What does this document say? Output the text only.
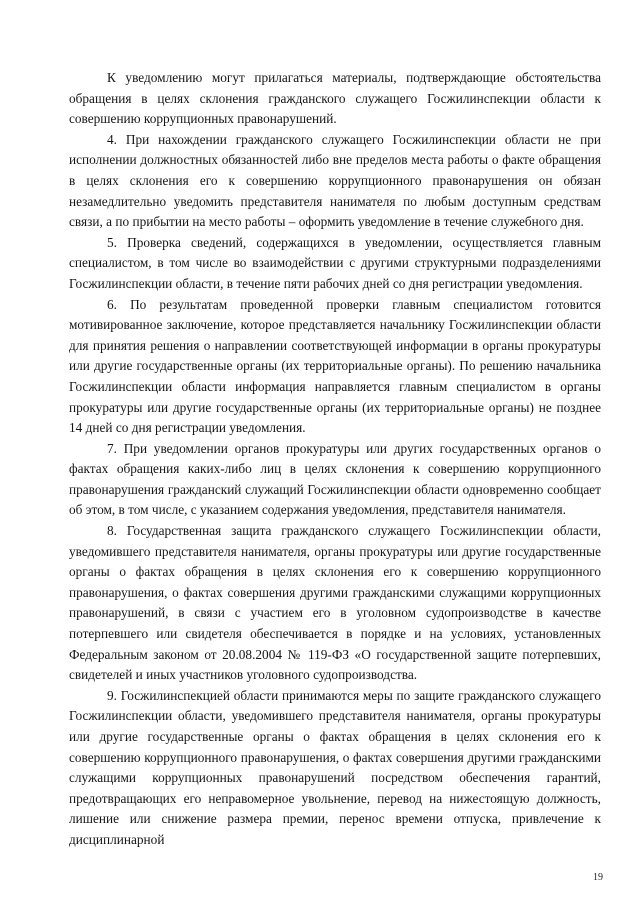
К уведомлению могут прилагаться материалы, подтверждающие обстоятельства обращения в целях склонения гражданского служащего Госжилинспекции области к совершению коррупционных правонарушений.

4. При нахождении гражданского служащего Госжилинспекции области не при исполнении должностных обязанностей либо вне пределов места работы о факте обращения в целях склонения его к совершению коррупционного правонарушения он обязан незамедлительно уведомить представителя нанимателя по любым доступным средствам связи, а по прибытии на место работы – оформить уведомление в течение служебного дня.

5. Проверка сведений, содержащихся в уведомлении, осуществляется главным специалистом, в том числе во взаимодействии с другими структурными подразделениями Госжилинспекции области, в течение пяти рабочих дней со дня регистрации уведомления.

6. По результатам проведенной проверки главным специалистом готовится мотивированное заключение, которое представляется начальнику Госжилинспекции области для принятия решения о направлении соответствующей информации в органы прокуратуры или другие государственные органы (их территориальные органы). По решению начальника Госжилинспекции области информация направляется главным специалистом в органы прокуратуры или другие государственные органы (их территориальные органы) не позднее 14 дней со дня регистрации уведомления.

7. При уведомлении органов прокуратуры или других государственных органов о фактах обращения каких-либо лиц в целях склонения к совершению коррупционного правонарушения гражданский служащий Госжилинспекции области одновременно сообщает об этом, в том числе, с указанием содержания уведомления, представителя нанимателя.

8. Государственная защита гражданского служащего Госжилинспекции области, уведомившего представителя нанимателя, органы прокуратуры или другие государственные органы о фактах обращения в целях склонения его к совершению коррупционного правонарушения, о фактах совершения другими гражданскими служащими коррупционных правонарушений, в связи с участием его в уголовном судопроизводстве в качестве потерпевшего или свидетеля обеспечивается в порядке и на условиях, установленных Федеральным законом от 20.08.2004 № 119-ФЗ «О государственной защите потерпевших, свидетелей и иных участников уголовного судопроизводства.

9. Госжилинспекцией области принимаются меры по защите гражданского служащего Госжилинспекции области, уведомившего представителя нанимателя, органы прокуратуры или другие государственные органы о фактах обращения в целях склонения его к совершению коррупционного правонарушения, о фактах совершения другими гражданскими служащими коррупционных правонарушений посредством обеспечения гарантий, предотвращающих его неправомерное увольнение, перевод на нижестоящую должность, лишение или снижение размера премии, перенос времени отпуска, привлечение к дисциплинарной

19
